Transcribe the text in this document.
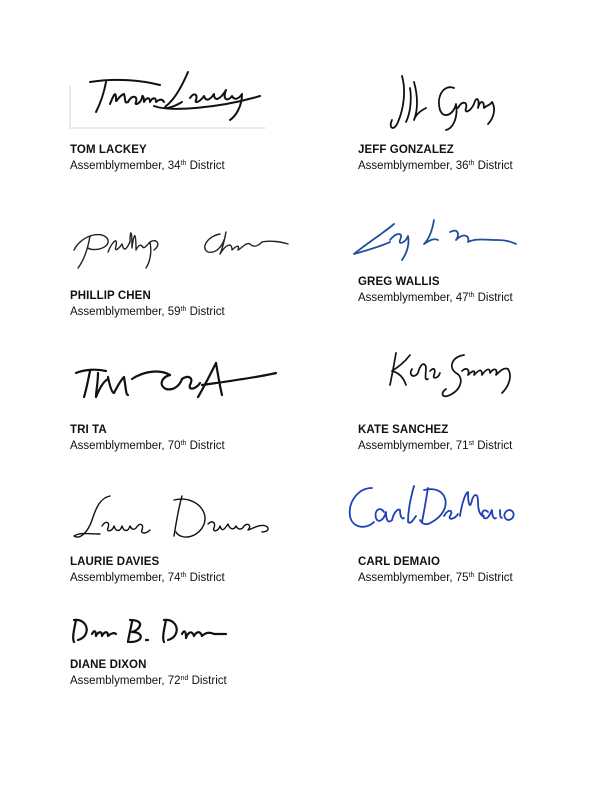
TOM LACKEY
Assemblymember, 34th District
JEFF GONZALEZ
Assemblymember, 36th District
PHILLIP CHEN
Assemblymember, 59th District
GREG WALLIS
Assemblymember, 47th District
TRI TA
Assemblymember, 70th District
KATE SANCHEZ
Assemblymember, 71st District
LAURIE DAVIES
Assemblymember, 74th District
CARL DEMAIO
Assemblymember, 75th District
DIANE DIXON
Assemblymember, 72nd District
